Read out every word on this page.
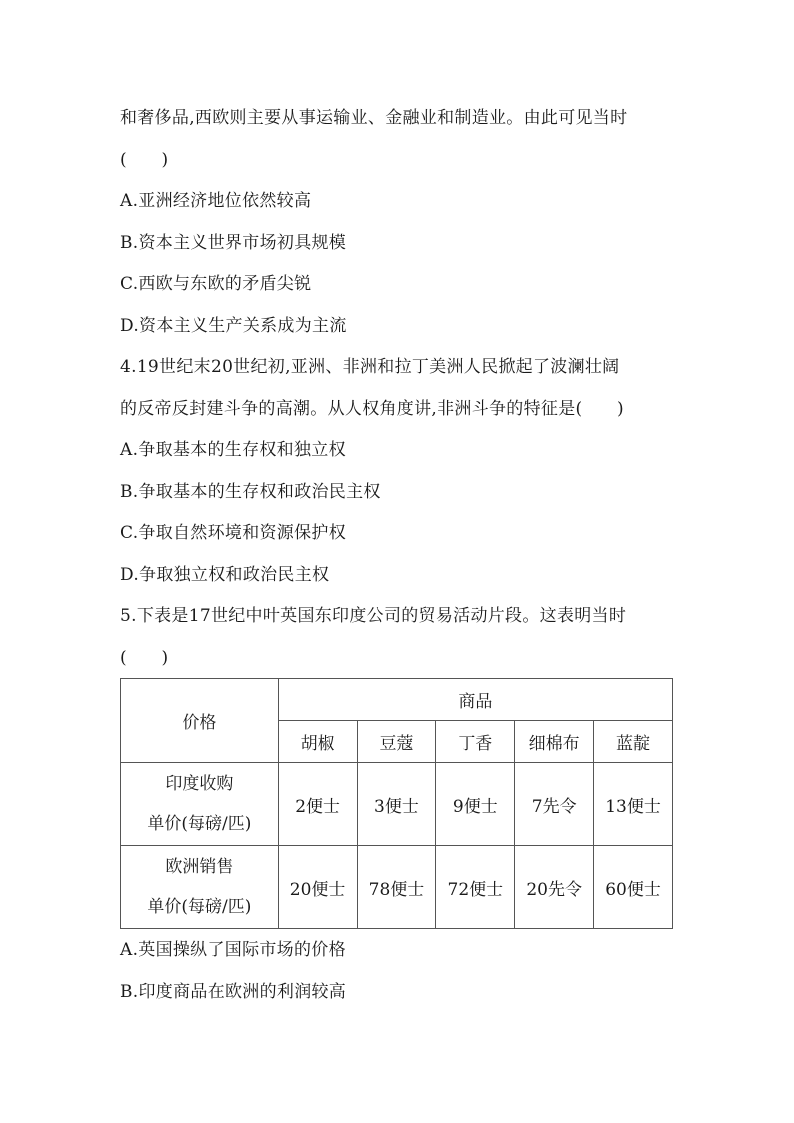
和奢侈品,西欧则主要从事运输业、金融业和制造业。由此可见当时
(　　)
A.亚洲经济地位依然较高
B.资本主义世界市场初具规模
C.西欧与东欧的矛盾尖锐
D.资本主义生产关系成为主流
4.19世纪末20世纪初,亚洲、非洲和拉丁美洲人民掀起了波澜壮阔
的反帝反封建斗争的高潮。从人权角度讲,非洲斗争的特征是(　　)
A.争取基本的生存权和独立权
B.争取基本的生存权和政治民主权
C.争取自然环境和资源保护权
D.争取独立权和政治民主权
5.下表是17世纪中叶英国东印度公司的贸易活动片段。这表明当时
(　　)
价格	商品				
	胡椒	豆蔻	丁香	细棉布	蓝靛

印度收购
单价(每磅/匹)	2便士	3便士	9便士	7先令	13便士

欧洲销售
单价(每磅/匹)	20便士	78便士	72便士	20先令	60便士
A.英国操纵了国际市场的价格
B.印度商品在欧洲的利润较高
